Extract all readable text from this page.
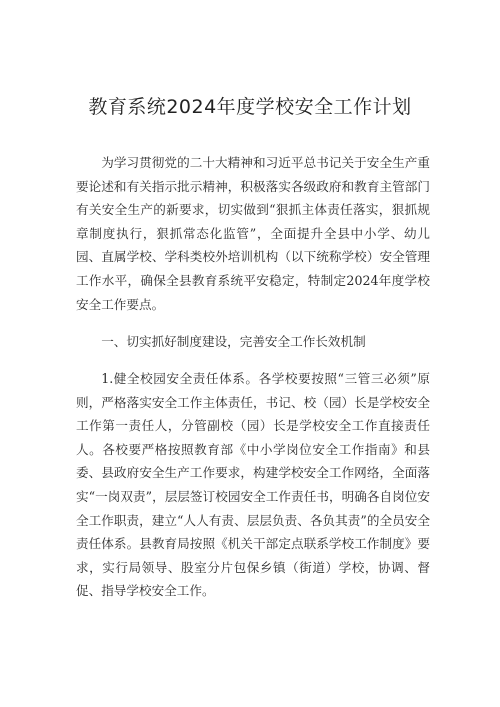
教育系统2024年度学校安全工作计划

为学习贯彻党的二十大精神和习近平总书记关于安全生产重要论述和有关指示批示精神，积极落实各级政府和教育主管部门有关安全生产的新要求，切实做到“狠抓主体责任落实，狠抓规章制度执行，狠抓常态化监管”，全面提升全县中小学、幼儿园、直属学校、学科类校外培训机构（以下统称学校）安全管理工作水平，确保全县教育系统平安稳定，特制定2024年度学校安全工作要点。

一、切实抓好制度建设，完善安全工作长效机制

1.健全校园安全责任体系。各学校要按照“三管三必须”原则，严格落实安全工作主体责任，书记、校（园）长是学校安全工作第一责任人，分管副校（园）长是学校安全工作直接责任人。各校要严格按照教育部《中小学岗位安全工作指南》和县委、县政府安全生产工作要求，构建学校安全工作网络，全面落实“一岗双责”，层层签订校园安全工作责任书，明确各自岗位安全工作职责，建立“人人有责、层层负责、各负其责”的全员安全责任体系。县教育局按照《机关干部定点联系学校工作制度》要求，实行局领导、股室分片包保乡镇（街道）学校，协调、督促、指导学校安全工作。
